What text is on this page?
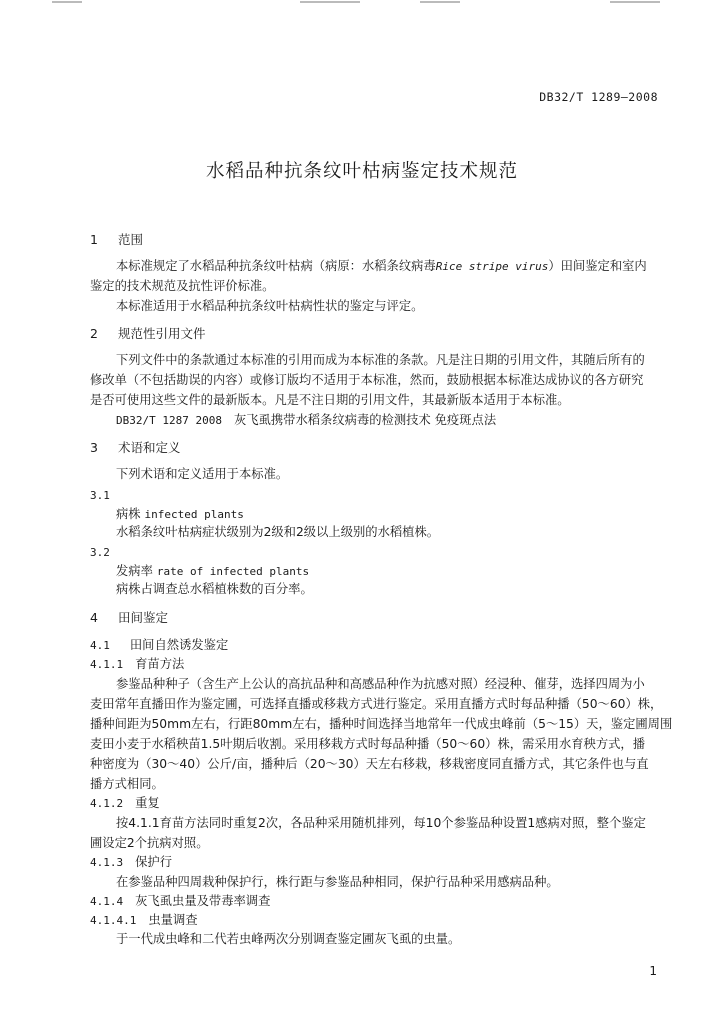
DB32/T 1289—2008
水稻品种抗条纹叶枯病鉴定技术规范
1 范围
本标准规定了水稻品种抗条纹叶枯病（病原：水稻条纹病毒Rice stripe virus）田间鉴定和室内
鉴定的技术规范及抗性评价标准。
本标准适用于水稻品种抗条纹叶枯病性状的鉴定与评定。
2 规范性引用文件
下列文件中的条款通过本标准的引用而成为本标准的条款。凡是注日期的引用文件，其随后所有的
修改单（不包括勘误的内容）或修订版均不适用于本标准，然而，鼓励根据本标准达成协议的各方研究
是否可使用这些文件的最新版本。凡是不注日期的引用文件，其最新版本适用于本标准。
DB32/T 1287 2008 灰飞虱携带水稻条纹病毒的检测技术 免疫斑点法
3 术语和定义
下列术语和定义适用于本标准。
3.1
病株 infected plants
水稻条纹叶枯病症状级别为2级和2级以上级别的水稻植株。
3.2
发病率 rate of infected plants
病株占调查总水稻植株数的百分率。
4 田间鉴定
4.1 田间自然诱发鉴定
4.1.1 育苗方法
参鉴品种种子（含生产上公认的高抗品种和高感品种作为抗感对照）经浸种、催芽，选择四周为小
麦田常年直播田作为鉴定圃，可选择直播或移栽方式进行鉴定。采用直播方式时每品种播（50～60）株，
播种间距为50mm左右，行距80mm左右，播种时间选择当地常年一代成虫峰前（5～15）天，鉴定圃周围
麦田小麦于水稻秧苗1.5叶期后收割。采用移栽方式时每品种播（50～60）株，需采用水育秧方式，播
种密度为（30～40）公斤/亩，播种后（20～30）天左右移栽，移栽密度同直播方式，其它条件也与直
播方式相同。
4.1.2 重复
按4.1.1育苗方法同时重复2次，各品种采用随机排列，每10个参鉴品种设置1感病对照，整个鉴定
圃设定2个抗病对照。
4.1.3 保护行
在参鉴品种四周栽种保护行，株行距与参鉴品种相同，保护行品种采用感病品种。
4.1.4 灰飞虱虫量及带毒率调查
4.1.4.1 虫量调查
于一代成虫峰和二代若虫峰两次分别调查鉴定圃灰飞虱的虫量。
1
